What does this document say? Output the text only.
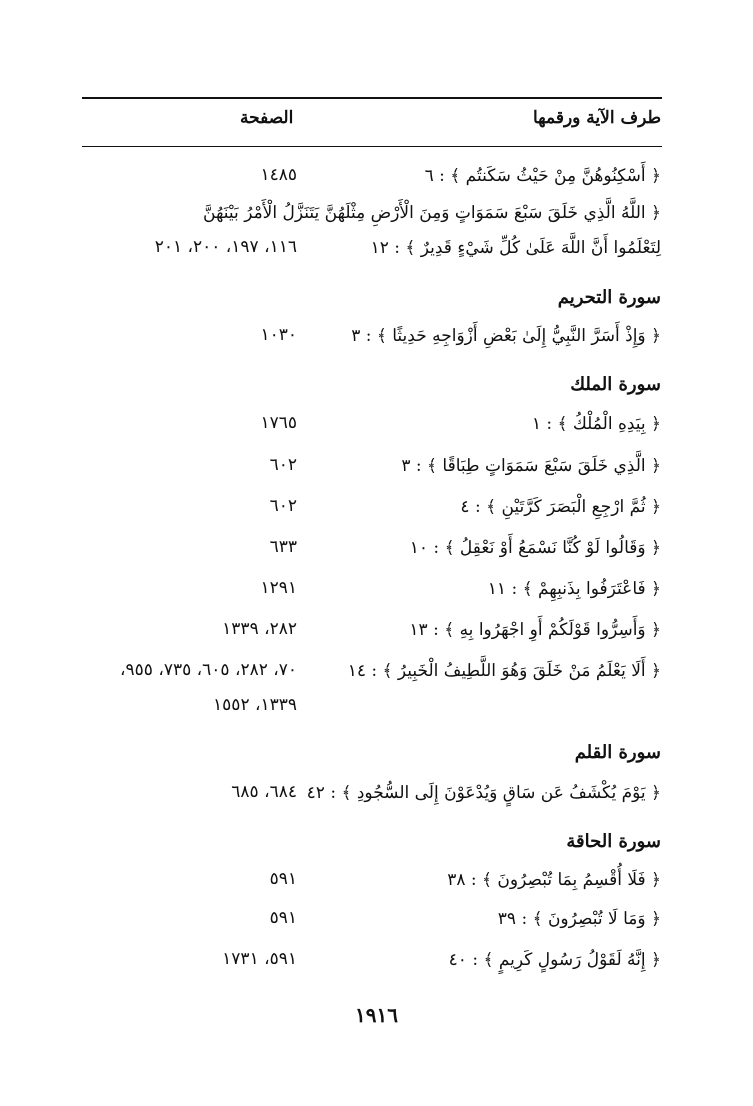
طرف الآية ورقمها
الصفحة
﴿ أَسْكِنُوهُنَّ مِنْ حَيْثُ سَكَنتُم ﴾ : ٦
١٤٨٥
﴿ اللَّهُ الَّذِي خَلَقَ سَبْعَ سَمَوَاتٍ وَمِنَ الْأَرْضِ مِثْلَهُنَّ يَتَنَزَّلُ الْأَمْرُ بَيْنَهُنَّ
لِتَعْلَمُوا أَنَّ اللَّهَ عَلَىٰ كُلِّ شَيْءٍ قَدِيرٌ ﴾ : ١٢
١١٦، ١٩٧، ٢٠٠، ٢٠١
سورة التحريم
﴿ وَإِذْ أَسَرَّ النَّبِيُّ إِلَىٰ بَعْضِ أَزْوَاجِهِ حَدِيثًا ﴾ : ٣
١٠٣٠
سورة الملك
﴿ بِيَدِهِ الْمُلْكُ ﴾ : ١
١٧٦٥
﴿ الَّذِي خَلَقَ سَبْعَ سَمَوَاتٍ طِبَاقًا ﴾ : ٣
٦٠٢
﴿ ثُمَّ ارْجِعِ الْبَصَرَ كَرَّتَيْنِ ﴾ : ٤
٦٠٢
﴿ وَقَالُوا لَوْ كُنَّا نَسْمَعُ أَوْ نَعْقِلُ ﴾ : ١٠
٦٣٣
﴿ فَاعْتَرَفُوا بِذَنبِهِمْ ﴾ : ١١
١٢٩١
﴿ وَأَسِرُّوا قَوْلَكُمْ أَوِ اجْهَرُوا بِهِ ﴾ : ١٣
٢٨٢، ١٣٣٩
﴿ أَلَا يَعْلَمُ مَنْ خَلَقَ وَهُوَ اللَّطِيفُ الْخَبِيرُ ﴾ : ١٤
٧٠، ٢٨٢، ٦٠٥، ٧٣٥، ٩٥٥،
١٣٣٩، ١٥٥٢
سورة القلم
﴿ يَوْمَ يُكْشَفُ عَن سَاقٍ وَيُدْعَوْنَ إِلَى السُّجُودِ ﴾ : ٤٢
٦٨٤، ٦٨٥
سورة الحاقة
﴿ فَلَا أُقْسِمُ بِمَا تُبْصِرُونَ ﴾ : ٣٨
٥٩١
﴿ وَمَا لَا تُبْصِرُونَ ﴾ : ٣٩
٥٩١
﴿ إِنَّهُ لَقَوْلُ رَسُولٍ كَرِيمٍ ﴾ : ٤٠
٥٩١، ١٧٣١
١٩١٦
